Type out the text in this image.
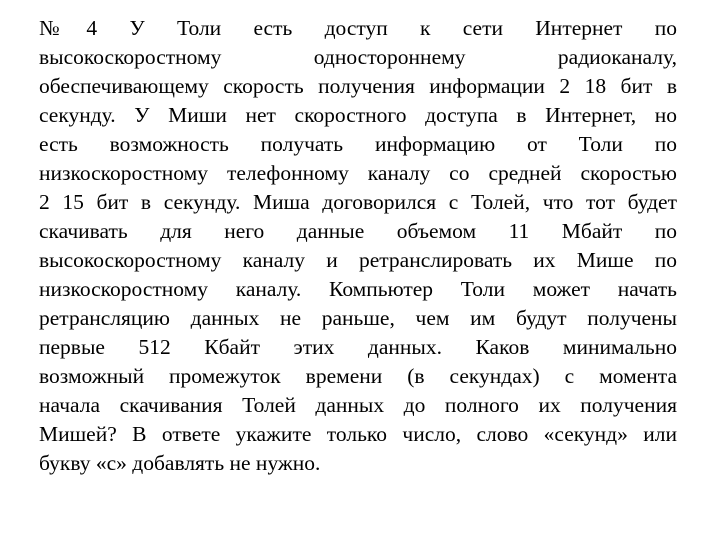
№4 У Толи есть доступ к сети Интернет по
высокоскоростному одностороннему радиоканалу,
обеспечивающему скорость получения информации 2 18 бит в
секунду. У Миши нет скоростного доступа в Интернет, но
есть возможность получать информацию от Толи по
низкоскоростному телефонному каналу со средней скоростью
2 15 бит в секунду. Миша договорился с Толей, что тот будет
скачивать для него данные объемом 11 Мбайт по
высокоскоростному каналу и ретранслировать их Мише по
низкоскоростному каналу. Компьютер Толи может начать
ретрансляцию данных не раньше, чем им будут получены
первые 512 Кбайт этих данных. Каков минимально
возможный промежуток времени (в секундах) с момента
начала скачивания Толей данных до полного их получения
Мишей? В ответе укажите только число, слово «секунд» или
букву «с» добавлять не нужно.
